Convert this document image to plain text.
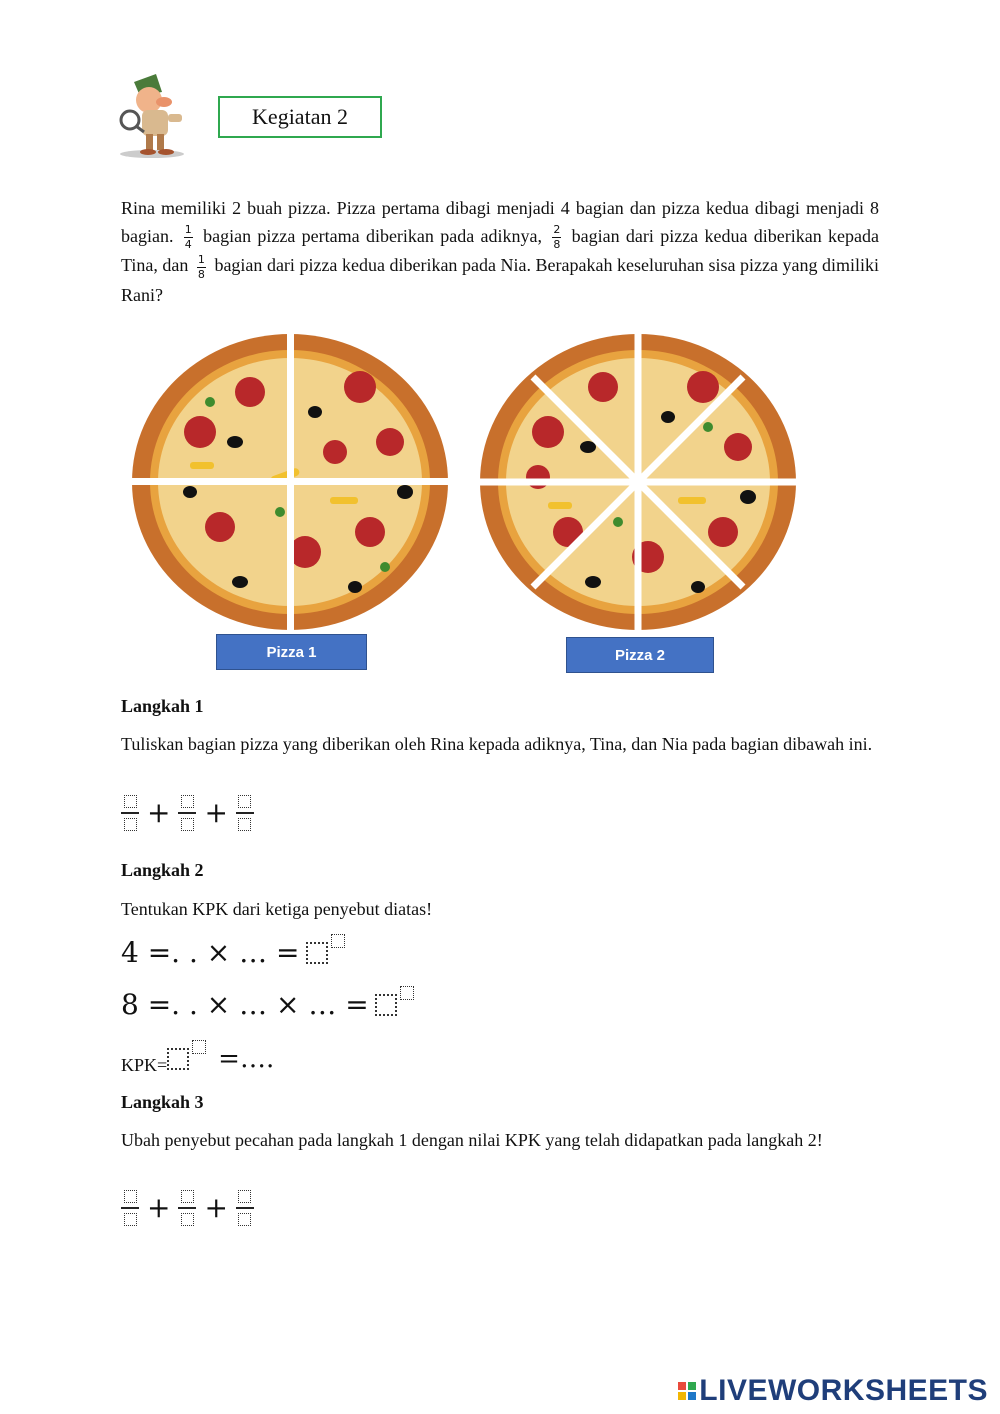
Kegiatan 2
Rina memiliki 2 buah pizza. Pizza pertama dibagi menjadi 4 bagian dan pizza kedua dibagi menjadi 8 bagian. $\frac{1}{4}$ bagian pizza pertama diberikan pada adiknya, $\frac{2}{8}$ bagian dari pizza kedua diberikan kepada Tina, dan $\frac{1}{8}$ bagian dari pizza kedua diberikan pada Nia. Berapakah keseluruhan sisa pizza yang dimiliki Rani?
Pizza 1	Pizza 2
Langkah 1
Tuliskan bagian pizza yang diberikan oleh Rina kepada adiknya, Tina, dan Nia pada bagian dibawah ini.
+ +
Langkah 2
Tentukan KPK dari ketiga penyebut diatas!
4 =. . × … =
8 =. . × … × … =
KPK= =….
Langkah 3
Ubah penyebut pecahan pada langkah 1 dengan nilai KPK yang telah didapatkan pada langkah 2!
+ +
LIVEWORKSHEETS
